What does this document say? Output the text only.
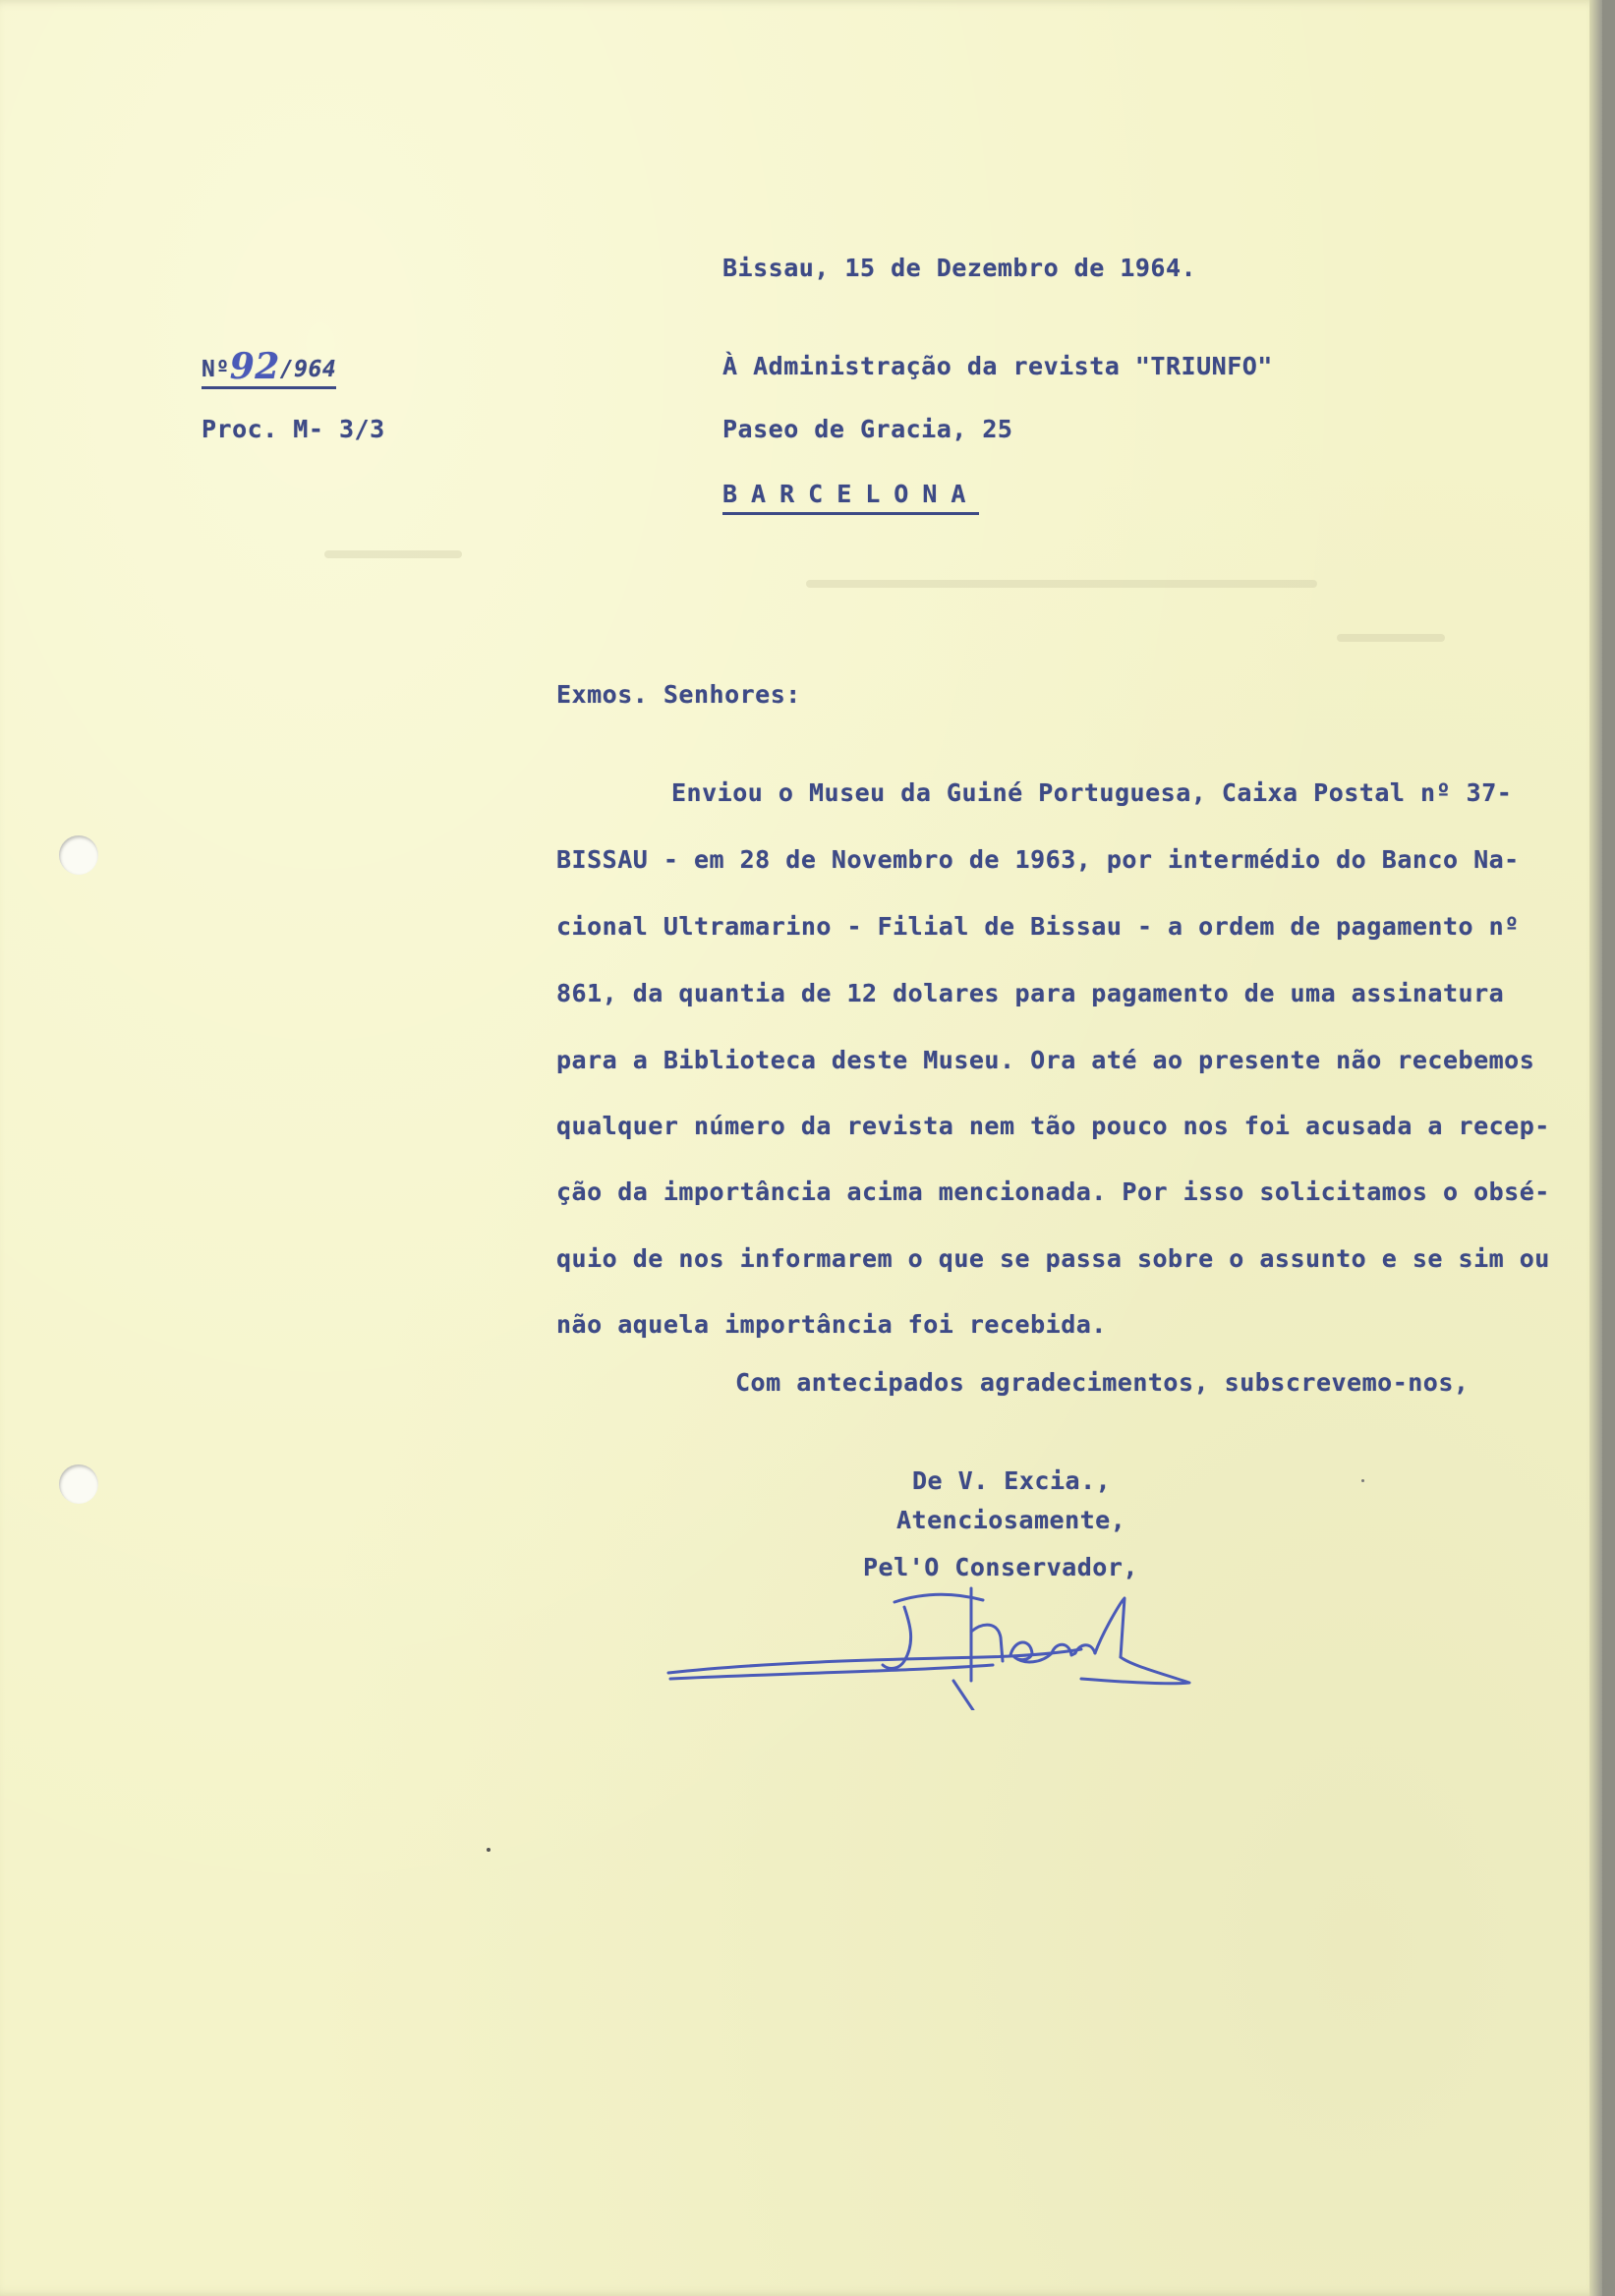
Bissau, 15 de Dezembro de 1964.
Nº92/964
Proc. M- 3/3
À Administração da revista "TRIUNFO"
Paseo de Gracia, 25
BARCELONA
Exmos. Senhores:
Enviou o Museu da Guiné Portuguesa, Caixa Postal nº 37-
BISSAU - em 28 de Novembro de 1963, por intermédio do Banco Na-
cional Ultramarino - Filial de Bissau - a ordem de pagamento nº
861, da quantia de 12 dolares para pagamento de uma assinatura
para a Biblioteca deste Museu. Ora até ao presente não recebemos
qualquer número da revista nem tão pouco nos foi acusada a recep-
ção da importância acima mencionada. Por isso solicitamos o obsé-
quio de nos informarem o que se passa sobre o assunto e se sim ou
não aquela importância foi recebida.
Com antecipados agradecimentos, subscrevemo-nos,
De V. Excia.,
Atenciosamente,
Pel'O Conservador,
